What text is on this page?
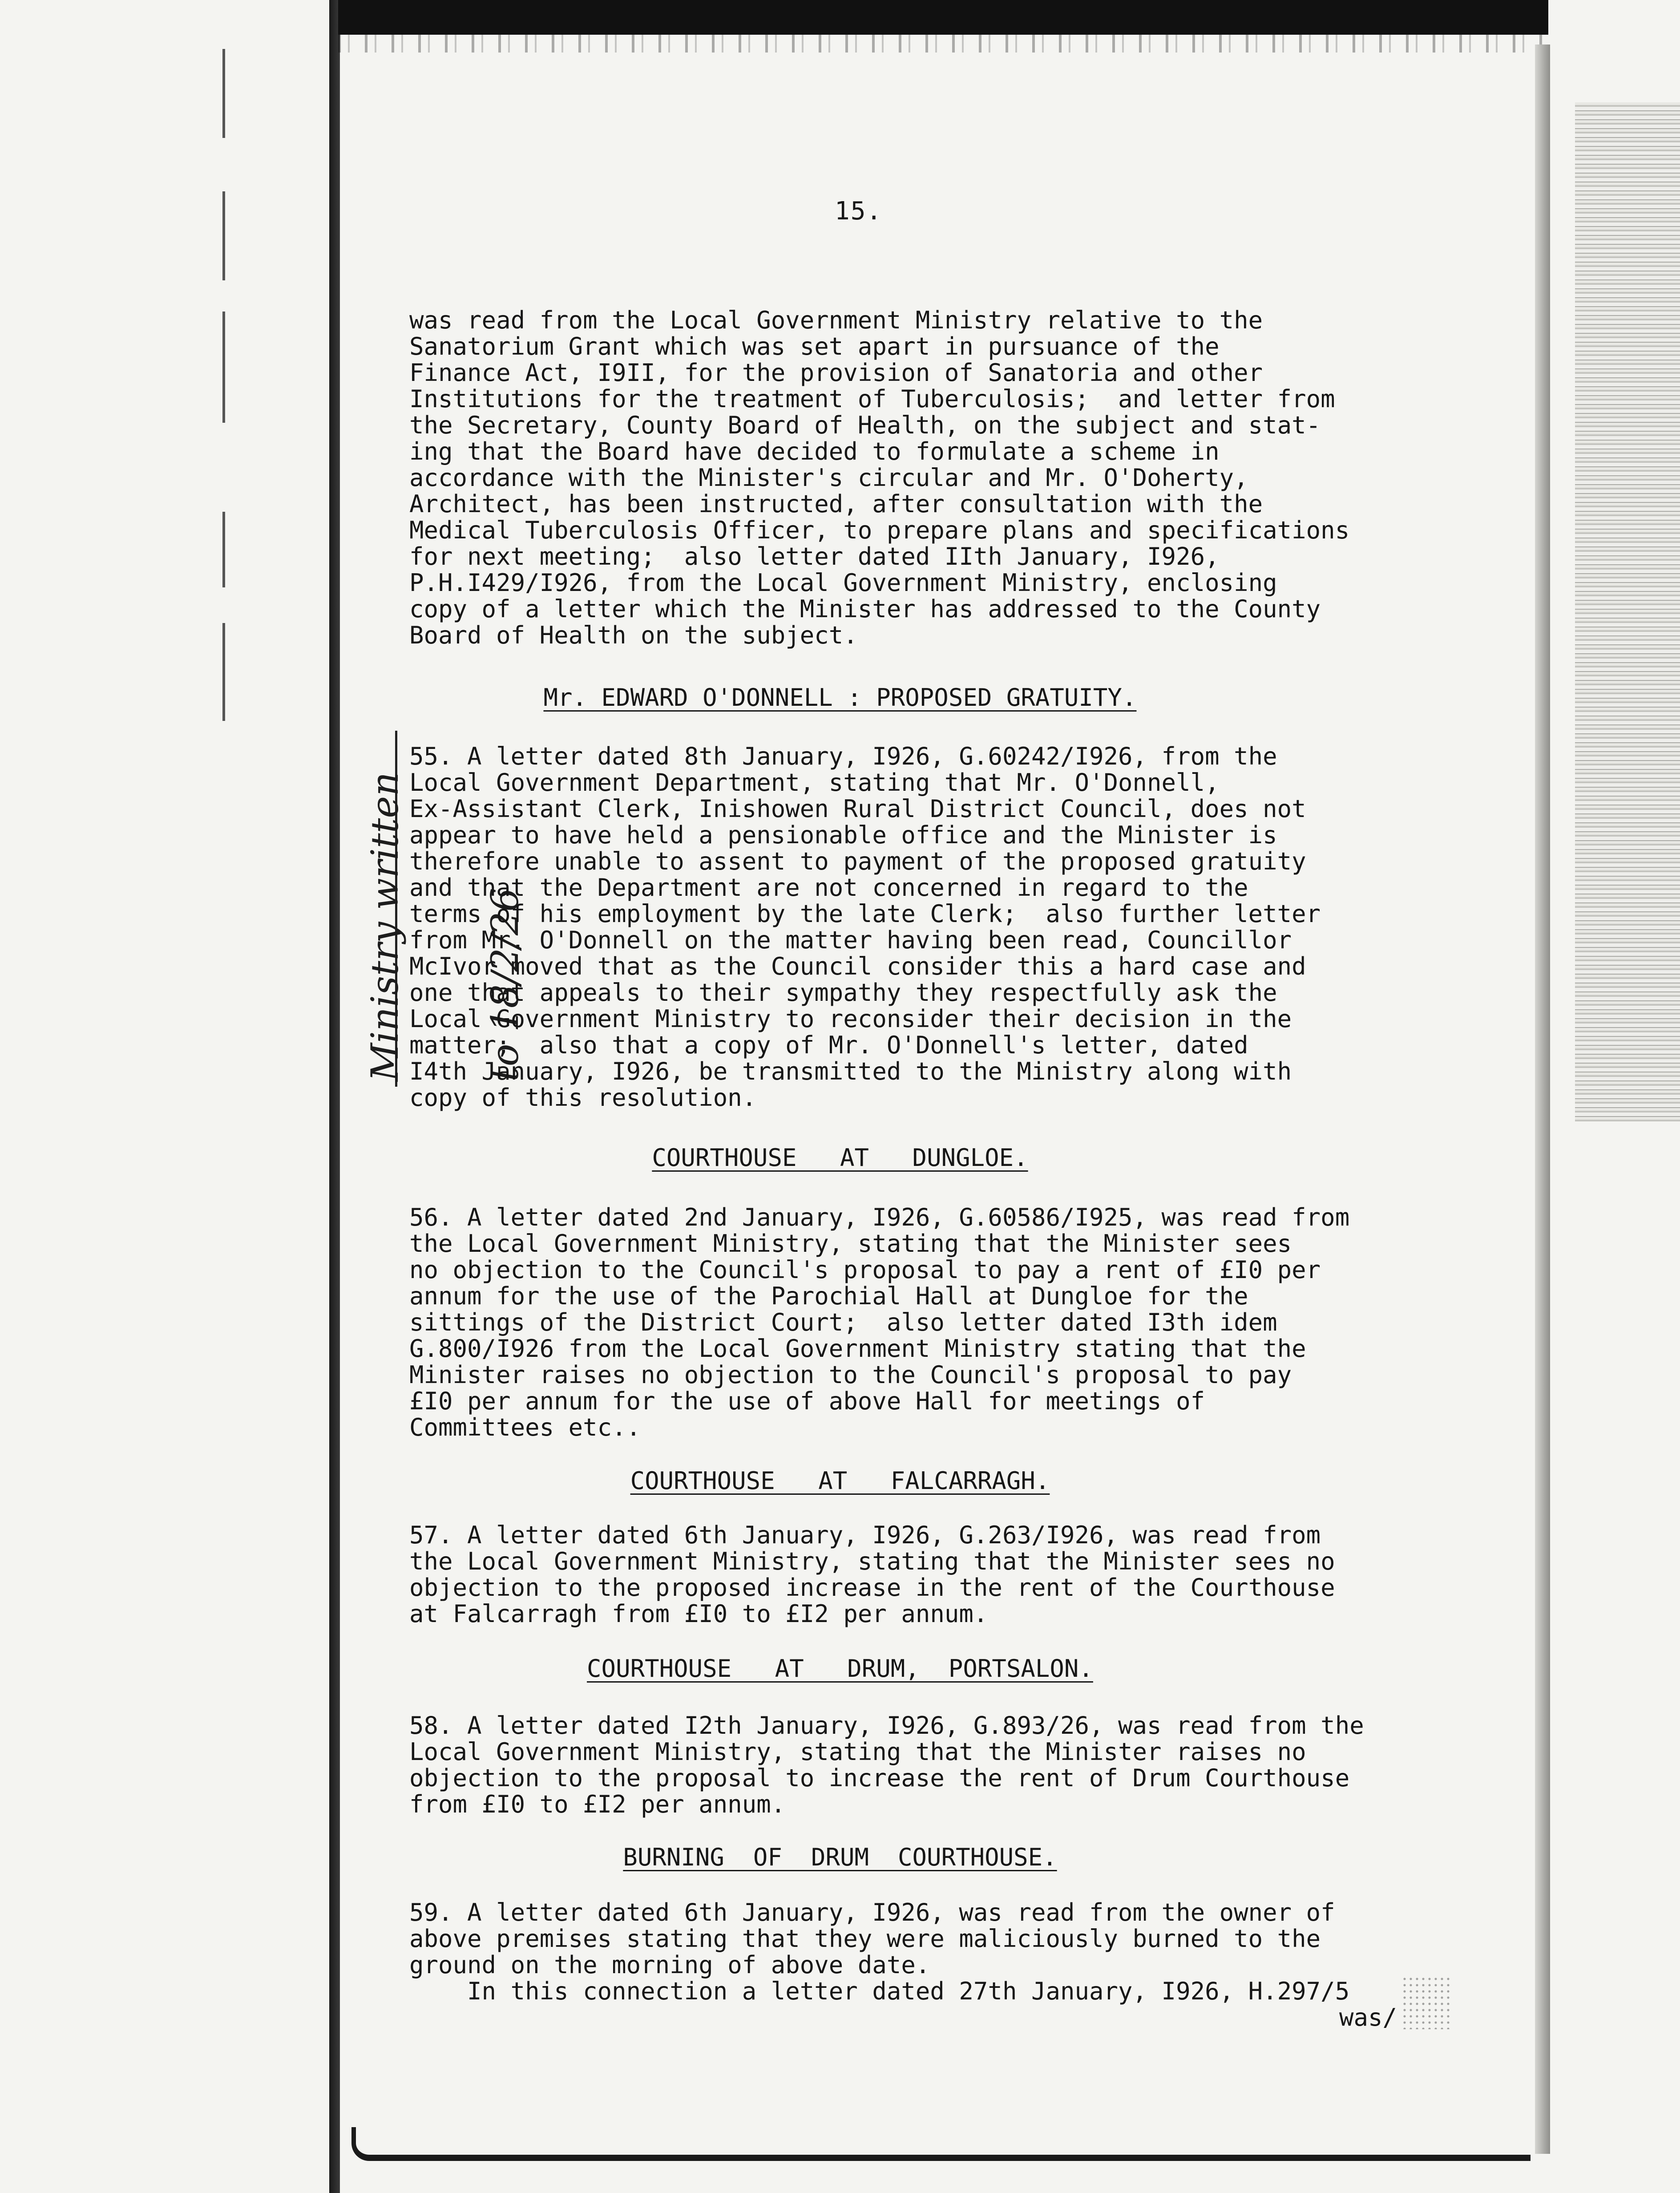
15.

was read from the Local Government Ministry relative to the

Sanatorium Grant which was set apart in pursuance of the

Finance Act, I9II, for the provision of Sanatoria and other

Institutions for the treatment of Tuberculosis;  and letter from

the Secretary, County Board of Health, on the subject and stat-

ing that the Board have decided to formulate a scheme in

accordance with the Minister's circular and Mr. O'Doherty,

Architect, has been instructed, after consultation with the

Medical Tuberculosis Officer, to prepare plans and specifications

for next meeting;  also letter dated IIth January, I926,

P.H.I429/I926, from the Local Government Ministry, enclosing

copy of a letter which the Minister has addressed to the County

Board of Health on the subject.

Mr. EDWARD O'DONNELL : PROPOSED GRATUITY.

Ministry written

to 18/2/26

55. A letter dated 8th January, I926, G.60242/I926, from the

Local Government Department, stating that Mr. O'Donnell,

Ex-Assistant Clerk, Inishowen Rural District Council, does not

appear to have held a pensionable office and the Minister is

therefore unable to assent to payment of the proposed gratuity

and that the Department are not concerned in regard to the

terms of his employment by the late Clerk;  also further letter

from Mr. O'Donnell on the matter having been read, Councillor

McIvor moved that as the Council consider this a hard case and

one that appeals to their sympathy they respectfully ask the

Local Government Ministry to reconsider their decision in the

matter;  also that a copy of Mr. O'Donnell's letter, dated

I4th January, I926, be transmitted to the Ministry along with

copy of this resolution.

COURTHOUSE   AT   DUNGLOE.

56. A letter dated 2nd January, I926, G.60586/I925, was read from

the Local Government Ministry, stating that the Minister sees

no objection to the Council's proposal to pay a rent of £I0 per

annum for the use of the Parochial Hall at Dungloe for the

sittings of the District Court;  also letter dated I3th idem

G.800/I926 from the Local Government Ministry stating that the

Minister raises no objection to the Council's proposal to pay

£I0 per annum for the use of above Hall for meetings of

Committees etc..

COURTHOUSE   AT   FALCARRAGH.

57. A letter dated 6th January, I926, G.263/I926, was read from

the Local Government Ministry, stating that the Minister sees no

objection to the proposed increase in the rent of the Courthouse

at Falcarragh from £I0 to £I2 per annum.

COURTHOUSE   AT   DRUM,  PORTSALON.

58. A letter dated I2th January, I926, G.893/26, was read from the

Local Government Ministry, stating that the Minister raises no

objection to the proposal to increase the rent of Drum Courthouse

from £I0 to £I2 per annum.

BURNING  OF  DRUM  COURTHOUSE.

59. A letter dated 6th January, I926, was read from the owner of

above premises stating that they were maliciously burned to the

ground on the morning of above date.

In this connection a letter dated 27th January, I926, H.297/5

was/
